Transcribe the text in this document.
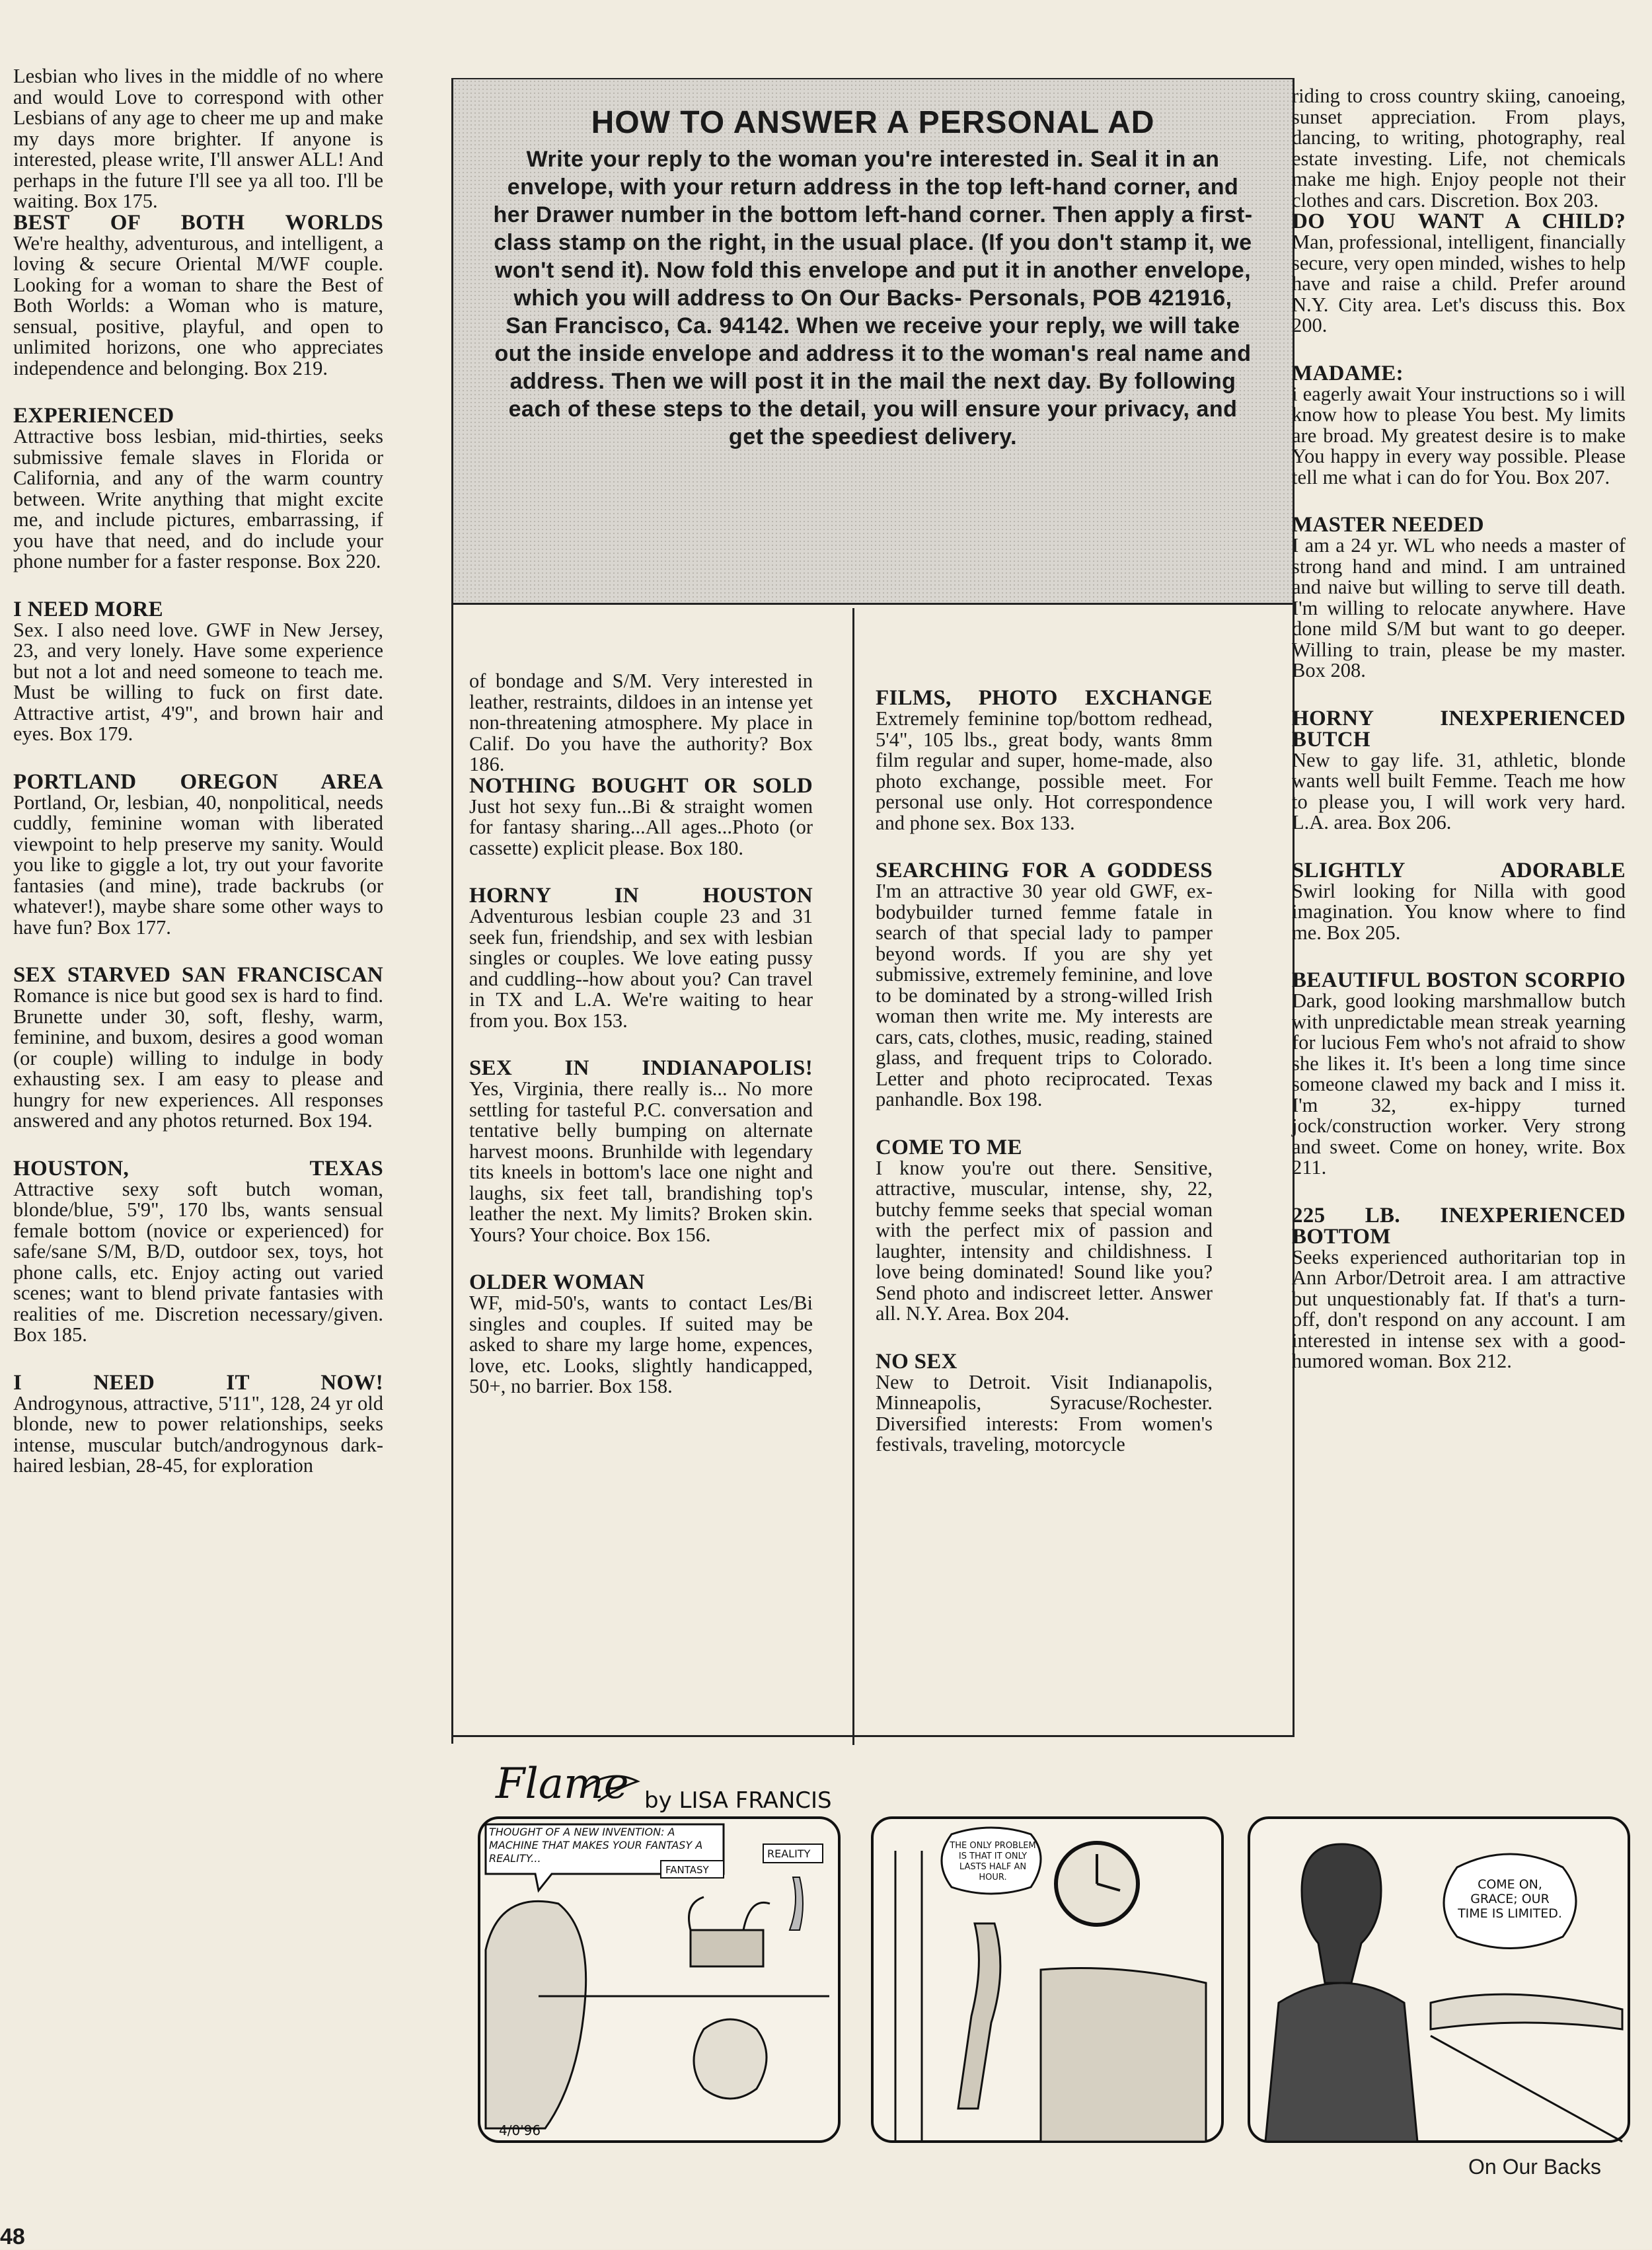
Lesbian who lives in the middle of no where and would Love to correspond with other Lesbians of any age to cheer me up and make my days more brighter. If anyone is interested, please write, I'll answer ALL! And perhaps in the future I'll see ya all too. I'll be waiting. Box 175.

BEST OF BOTH WORLDS

We're healthy, adventurous, and intelligent, a loving & secure Oriental M/WF couple. Looking for a woman to share the Best of Both Worlds: a Woman who is mature, sensual, positive, playful, and open to unlimited horizons, one who appreciates independence and belonging. Box 219.

EXPERIENCED

Attractive boss lesbian, mid-thirties, seeks submissive female slaves in Florida or California, and any of the warm country between. Write anything that might excite me, and include pictures, embarrassing, if you have that need, and do include your phone number for a faster response. Box 220.

I NEED MORE

Sex. I also need love. GWF in New Jersey, 23, and very lonely. Have some experience but not a lot and need someone to teach me. Must be willing to fuck on first date. Attractive artist, 4'9", and brown hair and eyes. Box 179.

PORTLAND OREGON AREA

Portland, Or, lesbian, 40, nonpolitical, needs cuddly, feminine woman with liberated viewpoint to help preserve my sanity. Would you like to giggle a lot, try out your favorite fantasies (and mine), trade backrubs (or whatever!), maybe share some other ways to have fun? Box 177.

SEX STARVED SAN FRANCISCAN

Romance is nice but good sex is hard to find. Brunette under 30, soft, fleshy, warm, feminine, and buxom, desires a good woman (or couple) willing to indulge in body exhausting sex. I am easy to please and hungry for new experiences. All responses answered and any photos returned. Box 194.

HOUSTON, TEXAS

Attractive sexy soft butch woman, blonde/blue, 5'9", 170 lbs, wants sensual female bottom (novice or experienced) for safe/sane S/M, B/D, outdoor sex, toys, hot phone calls, etc. Enjoy acting out varied scenes; want to blend private fantasies with realities of me. Discretion necessary/given. Box 185.

I NEED IT NOW!

Androgynous, attractive, 5'11", 128, 24 yr old blonde, new to power relationships, seeks intense, muscular butch/androgynous dark-haired lesbian, 28-45, for exploration

HOW TO ANSWER A PERSONAL AD

Write your reply to the woman you're interested in. Seal it in an envelope, with your return address in the top left-hand corner, and her Drawer number in the bottom left-hand corner. Then apply a first-class stamp on the right, in the usual place. (If you don't stamp it, we won't send it). Now fold this envelope and put it in another envelope, which you will address to On Our Backs- Personals, POB 421916, San Francisco, Ca. 94142. When we receive your reply, we will take out the inside envelope and address it to the woman's real name and address. Then we will post it in the mail the next day. By following each of these steps to the detail, you will ensure your privacy, and get the speediest delivery.

of bondage and S/M. Very interested in leather, restraints, dildoes in an intense yet non-threatening atmosphere. My place in Calif. Do you have the authority? Box 186.

NOTHING BOUGHT OR SOLD

Just hot sexy fun...Bi & straight women for fantasy sharing...All ages...Photo (or cassette) explicit please. Box 180.

HORNY IN HOUSTON

Adventurous lesbian couple 23 and 31 seek fun, friendship, and sex with lesbian singles or couples. We love eating pussy and cuddling--how about you? Can travel in TX and L.A. We're waiting to hear from you. Box 153.

SEX IN INDIANAPOLIS!

Yes, Virginia, there really is... No more settling for tasteful P.C. conversation and tentative belly bumping on alternate harvest moons. Brunhilde with legendary tits kneels in bottom's lace one night and laughs, six feet tall, brandishing top's leather the next. My limits? Broken skin. Yours? Your choice. Box 156.

OLDER WOMAN

WF, mid-50's, wants to contact Les/Bi singles and couples. If suited may be asked to share my large home, expences, love, etc. Looks, slightly handicapped, 50+, no barrier. Box 158.

FILMS, PHOTO EXCHANGE

Extremely feminine top/bottom redhead, 5'4", 105 lbs., great body, wants 8mm film regular and super, home-made, also photo exchange, possible meet. For personal use only. Hot correspondence and phone sex. Box 133.

SEARCHING FOR A GODDESS

I'm an attractive 30 year old GWF, ex-bodybuilder turned femme fatale in search of that special lady to pamper beyond words. If you are shy yet submissive, extremely feminine, and love to be dominated by a strong-willed Irish woman then write me. My interests are cars, cats, clothes, music, reading, stained glass, and frequent trips to Colorado. Letter and photo reciprocated. Texas panhandle. Box 198.

COME TO ME

I know you're out there. Sensitive, attractive, muscular, intense, shy, 22, butchy femme seeks that special woman with the perfect mix of passion and laughter, intensity and childishness. I love being dominated! Sound like you? Send photo and indiscreet letter. Answer all. N.Y. Area. Box 204.

NO SEX

New to Detroit. Visit Indianapolis, Minneapolis, Syracuse/Rochester. Diversified interests: From women's festivals, traveling, motorcycle

riding to cross country skiing, canoeing, sunset appreciation. From plays, dancing, to writing, photography, real estate investing. Life, not chemicals make me high. Enjoy people not their clothes and cars. Discretion. Box 203.

DO YOU WANT A CHILD?

Man, professional, intelligent, financially secure, very open minded, wishes to help have and raise a child. Prefer around N.Y. City area. Let's discuss this. Box 200.

MADAME:

i eagerly await Your instructions so i will know how to please You best. My limits are broad. My greatest desire is to make You happy in every way possible. Please tell me what i can do for You. Box 207.

MASTER NEEDED

I am a 24 yr. WL who needs a master of strong hand and mind. I am untrained and naive but willing to serve till death. I'm willing to relocate anywhere. Have done mild S/M but want to go deeper. Willing to train, please be my master. Box 208.

HORNY INEXPERIENCED BUTCH

New to gay life. 31, athletic, blonde wants well built Femme. Teach me how to please you, I will work very hard. L.A. area. Box 206.

SLIGHTLY ADORABLE

Swirl looking for Nilla with good imagination. You know where to find me. Box 205.

BEAUTIFUL BOSTON SCORPIO

Dark, good looking marshmallow butch with unpredictable mean streak yearning for lucious Fem who's not afraid to show she likes it. It's been a long time since someone clawed my back and I miss it. I'm 32, ex-hippy turned jock/construction worker. Very strong and sweet. Come on honey, write. Box 211.

225 LB. INEXPERIENCED BOTTOM

Seeks experienced authoritarian top in Ann Arbor/Detroit area. I am attractive but unquestionably fat. If that's a turn-off, don't respond on any account. I am interested in intense sex with a good-humored woman. Box 212.

Flame by LISA FRANCIS
THOUGHT OF A NEW INVENTION: A MACHINE THAT MAKES YOUR FANTASY A REALITY...
FANTASY
REALITY
4/0'96
THE ONLY PROBLEM IS THAT IT ONLY LASTS HALF AN HOUR.	COME ON, GRACE; OUR TIME IS LIMITED.
On Our Backs
48
